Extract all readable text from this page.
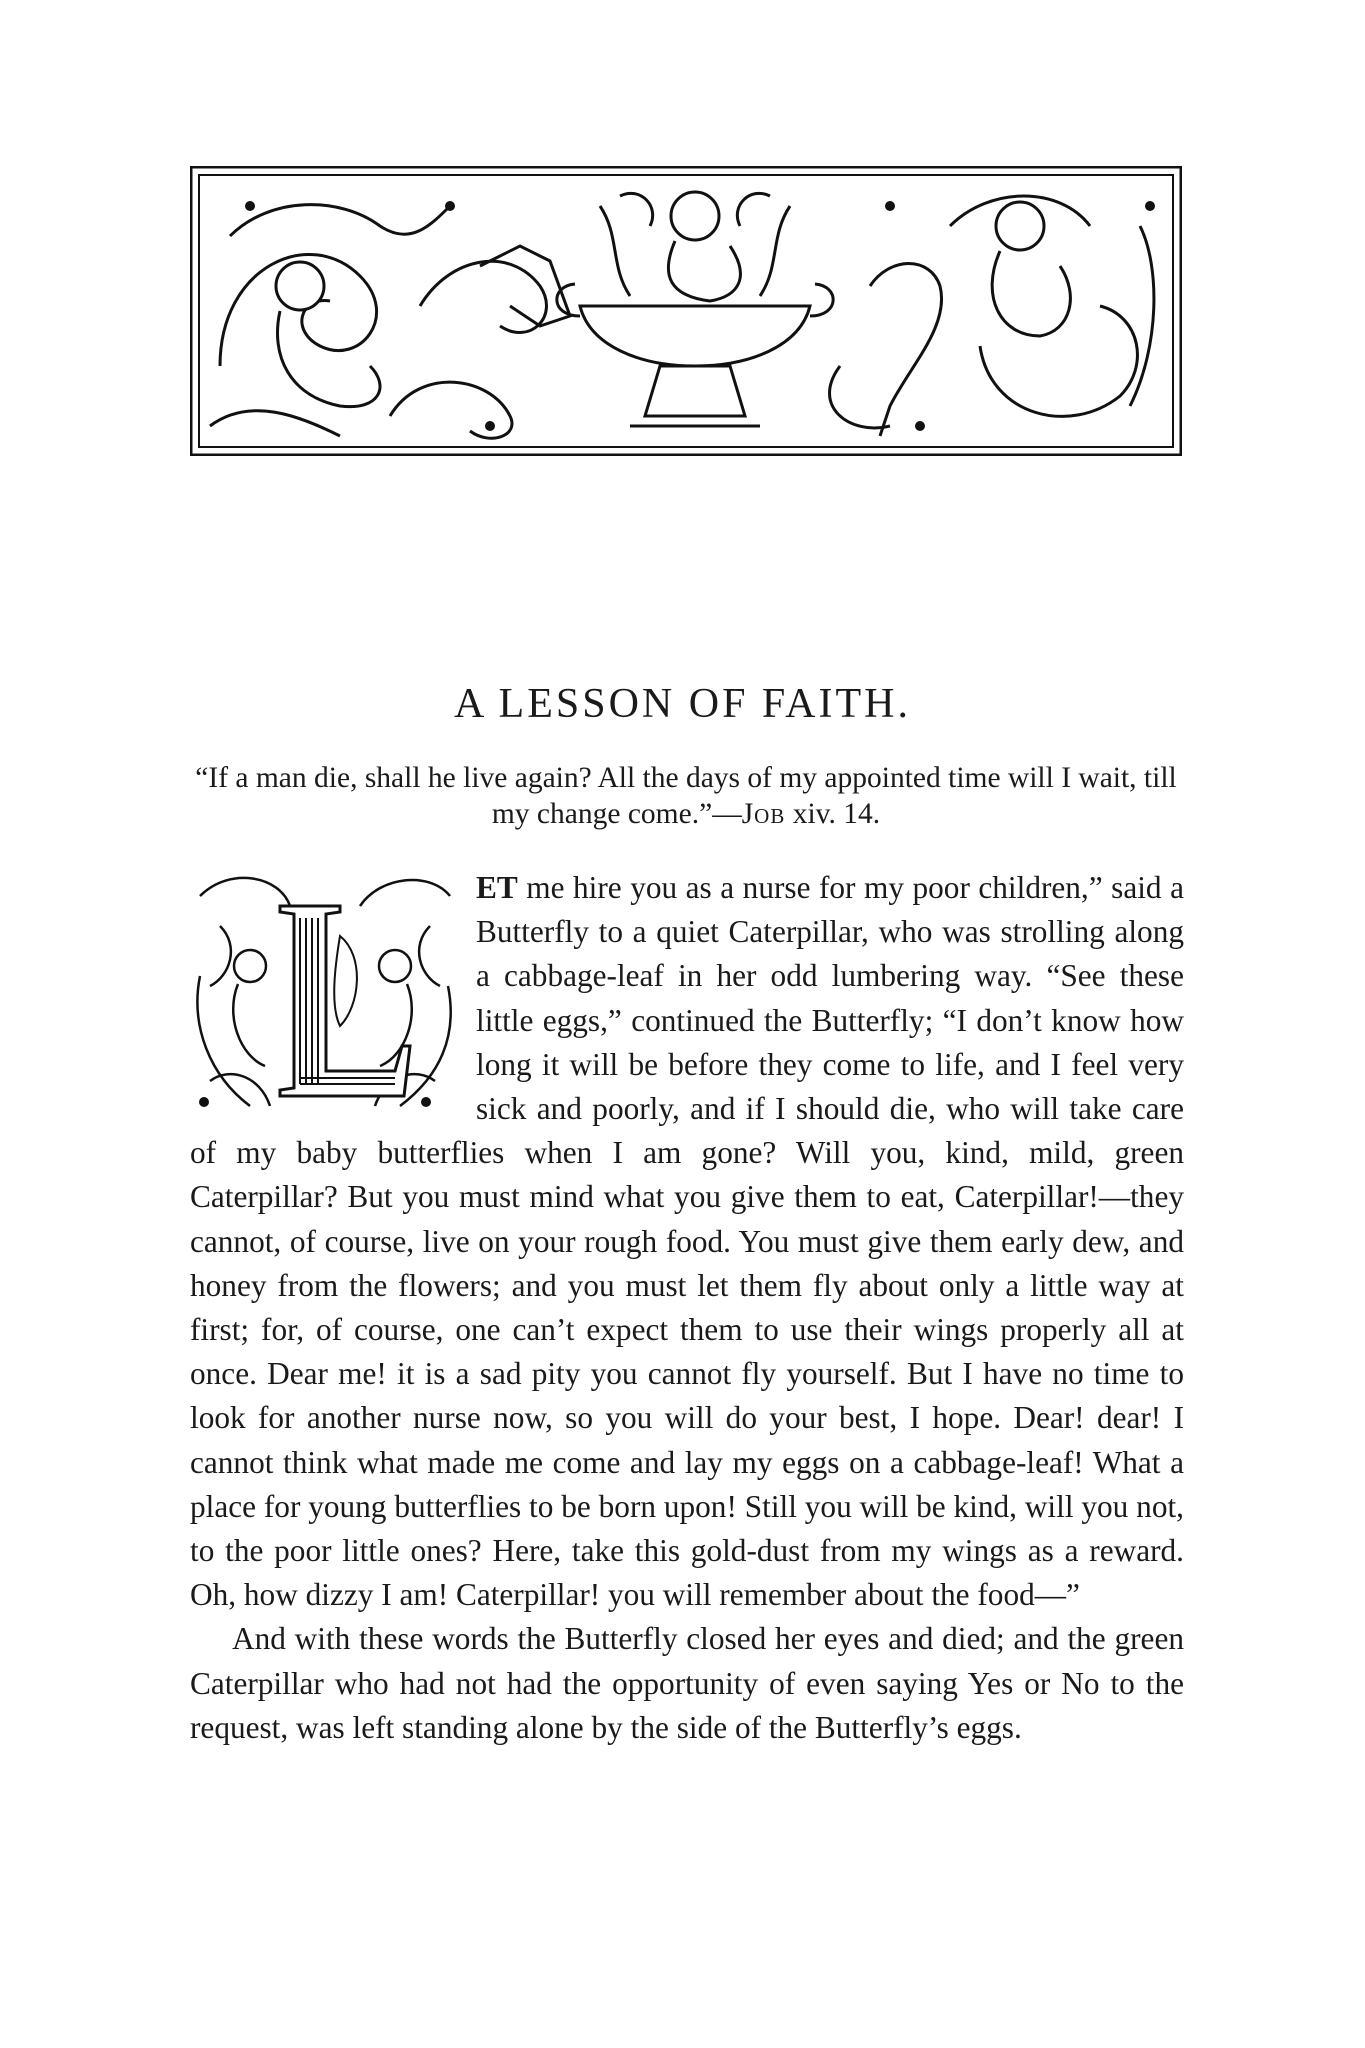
A LESSON OF FAITH.

“If a man die, shall he live again? All the days of my appointed time will I wait, till my change come.”—Job xiv. 14.

ET me hire you as a nurse for my poor children,” said a Butterfly to a quiet Caterpillar, who was strolling along a cabbage-leaf in her odd lumbering way. “See these little eggs,” continued the Butterfly; “I don’t know how long it will be before they come to life, and I feel very sick and poorly, and if I should die, who will take care of my baby butterflies when I am gone? Will you, kind, mild, green Caterpillar? But you must mind what you give them to eat, Caterpillar!—they cannot, of course, live on your rough food. You must give them early dew, and honey from the flowers; and you must let them fly about only a little way at first; for, of course, one can’t expect them to use their wings properly all at once. Dear me! it is a sad pity you cannot fly yourself. But I have no time to look for another nurse now, so you will do your best, I hope. Dear! dear! I cannot think what made me come and lay my eggs on a cabbage-leaf! What a place for young butterflies to be born upon! Still you will be kind, will you not, to the poor little ones? Here, take this gold-dust from my wings as a reward. Oh, how dizzy I am! Caterpillar! you will remember about the food—”

And with these words the Butterfly closed her eyes and died; and the green Caterpillar who had not had the opportunity of even saying Yes or No to the request, was left standing alone by the side of the Butterfly’s eggs.
